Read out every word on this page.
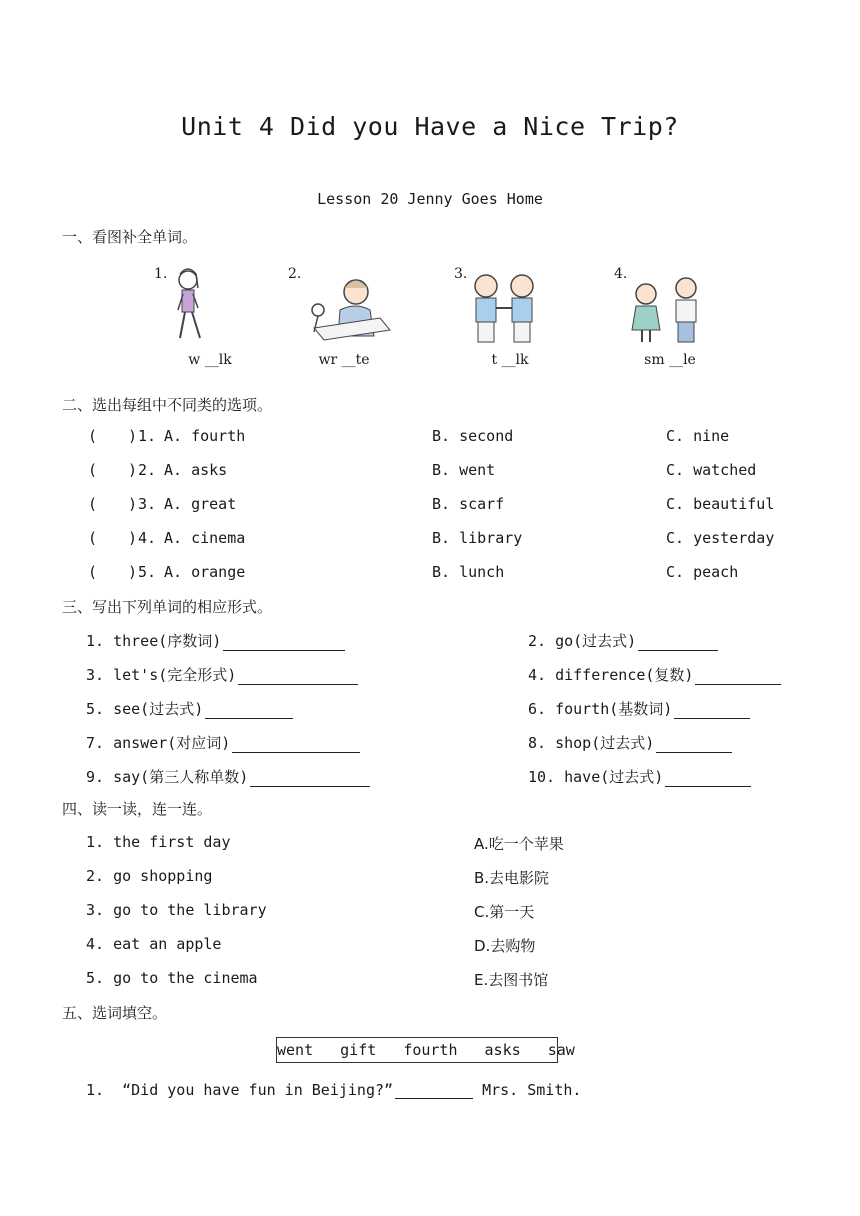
Unit 4 Did you Have a Nice Trip?
Lesson 20 Jenny Goes Home
一、看图补全单词。
1.
w __lk
2.
wr __te
3.
t __lk
4.
sm __le
二、选出每组中不同类的选项。
( ) 1. A. fourth	B. second	C. nine
( ) 2. A. asks	B. went	C. watched
( ) 3. A. great	B. scarf	C. beautiful
( ) 4. A. cinema	B. library	C. yesterday
( ) 5. A. orange	B. lunch	C. peach
三、写出下列单词的相应形式。
1. three(序数词)	2. go(过去式)
3. let's(完全形式)	4. difference(复数)
5. see(过去式)	6. fourth(基数词)
7. answer(对应词)	8. shop(过去式)
9. say(第三人称单数)	10. have(过去式)
四、读一读，连一连。
1. the first day
2. go shopping
3. go to the library
4. eat an apple
5. go to the cinema
A.吃一个苹果
B.去电影院
C.第一天
D.去购物
E.去图书馆
五、选词填空。
went gift fourth asks saw
1. “Did you have fun in Beijing?”	Mrs. Smith.
